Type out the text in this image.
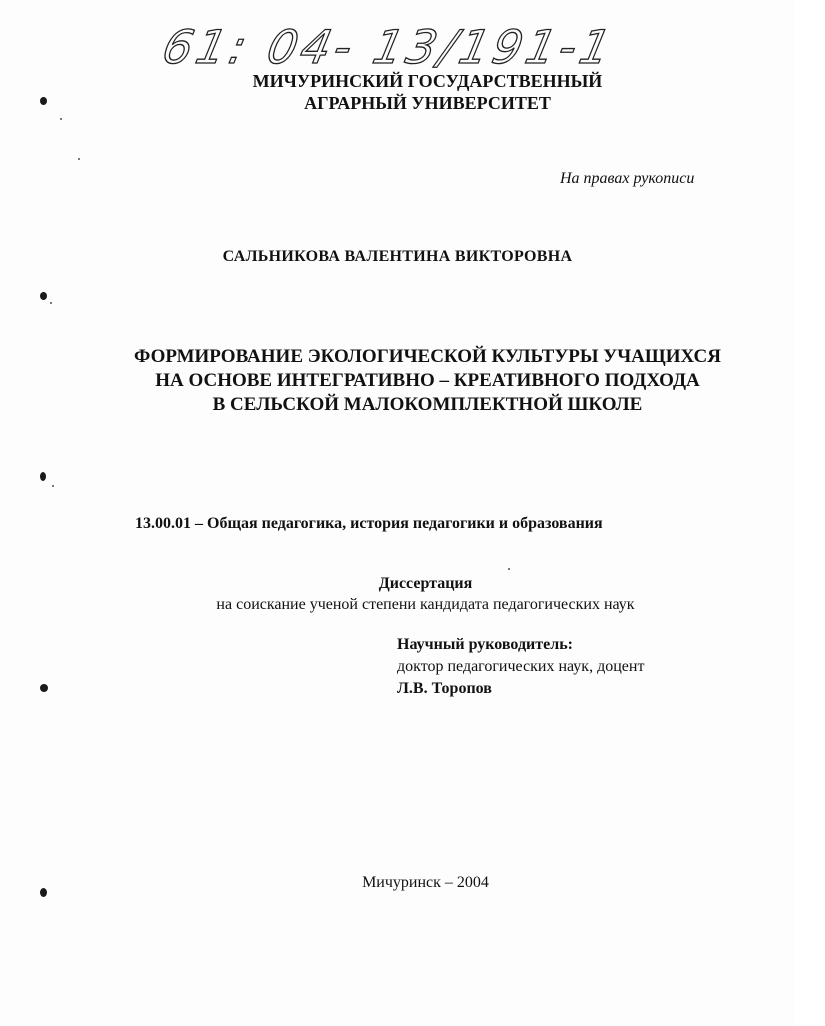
61: 04- 13/191-1
МИЧУРИНСКИЙ ГОСУДАРСТВЕННЫЙ
АГРАРНЫЙ УНИВЕРСИТЕТ
На правах рукописи
САЛЬНИКОВА ВАЛЕНТИНА ВИКТОРОВНА
ФОРМИРОВАНИЕ ЭКОЛОГИЧЕСКОЙ КУЛЬТУРЫ УЧАЩИХСЯ
НА ОСНОВЕ ИНТЕГРАТИВНО – КРЕАТИВНОГО ПОДХОДА
В СЕЛЬСКОЙ МАЛОКОМПЛЕКТНОЙ ШКОЛЕ
13.00.01 – Общая педагогика, история педагогики и образования
Диссертация
на соискание ученой степени кандидата педагогических наук
Научный руководитель:
доктор педагогических наук, доцент
Л.В. Торопов
Мичуринск – 2004
